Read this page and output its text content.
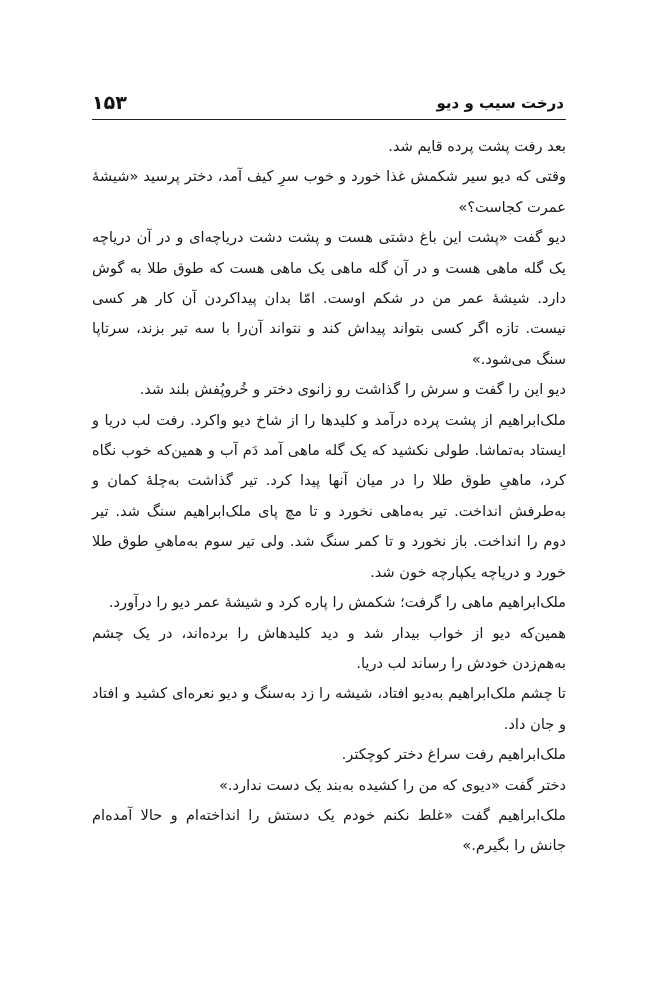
۱۵۳	درخت سیب و دیو

بعد رفت پشت پرده قایم شد.

وقتی که دیو سیر شکمش غذا خورد و خوب سرِ کیف آمد، دختر پرسید «شیشهٔ عمرت کجاست؟»

دیو گفت «پشت این باغ دشتی هست و پشت دشت دریاچه‌ای و در آن دریاچه یک گله ماهی هست و در آن گله ماهی یک ماهی هست که طوق طلا به گوش دارد. شیشهٔ عمر من در شکم اوست. امّا بدان پیداکردن آن کار هر کسی نیست. تازه اگر کسی بتواند پیداش کند و نتواند آن‌را با سه تیر بزند، سرتاپا سنگ می‌شود.»

دیو این را گفت و سرش را گذاشت رو زانوی دختر و خُروپُفش بلند شد.

ملک‌ابراهیم از پشت پرده درآمد و کلیدها را از شاخ دیو واکرد. رفت لب دریا و ایستاد به‌تماشا. طولی نکشید که یک گله ماهی آمد دَم آب و همین‌که خوب نگاه کرد، ماهیِ طوق طلا را در میان آنها پیدا کرد. تیر گذاشت به‌چلهٔ کمان و به‌طرفش انداخت. تیر به‌ماهی نخورد و تا مچ پای ملک‌ابراهیم سنگ شد. تیر دوم را انداخت. باز نخورد و تا کمر سنگ شد. ولی تیر سوم به‌ماهیِ طوق طلا خورد و دریاچه یکپارچه خون شد.

ملک‌ابراهیم ماهی را گرفت؛ شکمش را پاره کرد و شیشهٔ عمر دیو را درآورد.

همین‌که دیو از خواب بیدار شد و دید کلیدهاش را برده‌اند، در یک چشم به‌هم‌زدن خودش را رساند لب دریا.

تا چشم ملک‌ابراهیم به‌دیو افتاد، شیشه را زد به‌سنگ و دیو نعره‌ای کشید و افتاد و جان داد.

ملک‌ابراهیم رفت سراغ دختر کوچکتر.

دختر گفت «دیوی که من را کشیده به‌بند یک دست ندارد.»

ملک‌ابراهیم گفت «غلط نکنم خودم یک دستش را انداخته‌ام و حالا آمده‌ام جانش را بگیرم.»
